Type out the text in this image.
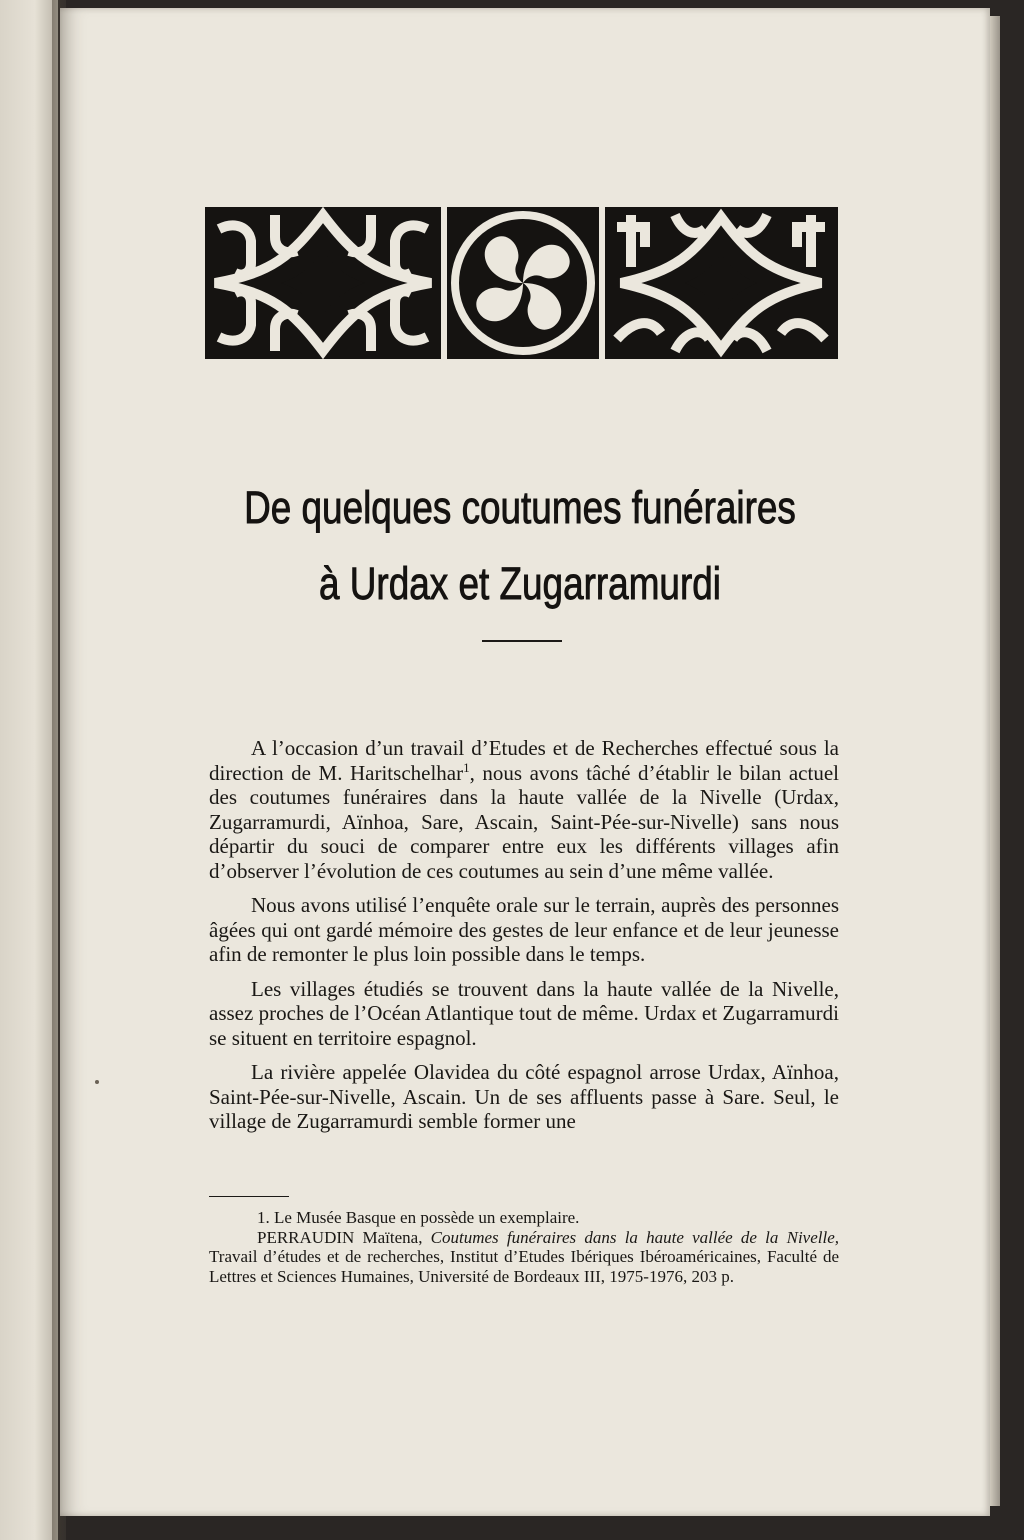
De quelques coutumes funéraires
à Urdax et Zugarramurdi

A l’occasion d’un travail d’Etudes et de Recherches effectué sous la direction de M. Haritschelhar$^1$, nous avons tâché d’établir le bilan actuel des coutumes funéraires dans la haute vallée de la Nivelle (Urdax, Zugarramurdi, Aïnhoa, Sare, Ascain, Saint-Pée-sur-Nivelle) sans nous départir du souci de comparer entre eux les différents villages afin d’observer l’évolution de ces coutumes au sein d’une même vallée.

Nous avons utilisé l’enquête orale sur le terrain, auprès des personnes âgées qui ont gardé mémoire des gestes de leur enfance et de leur jeunesse afin de remonter le plus loin possible dans le temps.

Les villages étudiés se trouvent dans la haute vallée de la Nivelle, assez proches de l’Océan Atlantique tout de même. Urdax et Zugarramurdi se situent en territoire espagnol.

La rivière appelée Olavidea du côté espagnol arrose Urdax, Aïnhoa, Saint-Pée-sur-Nivelle, Ascain. Un de ses affluents passe à Sare. Seul, le village de Zugarramurdi semble former une

1. Le Musée Basque en possède un exemplaire.

PERRAUDIN Maïtena, Coutumes funéraires dans la haute vallée de la Nivelle, Travail d’études et de recherches, Institut d’Etudes Ibériques Ibéroaméricaines, Faculté de Lettres et Sciences Humaines, Université de Bordeaux III, 1975-1976, 203 p.
